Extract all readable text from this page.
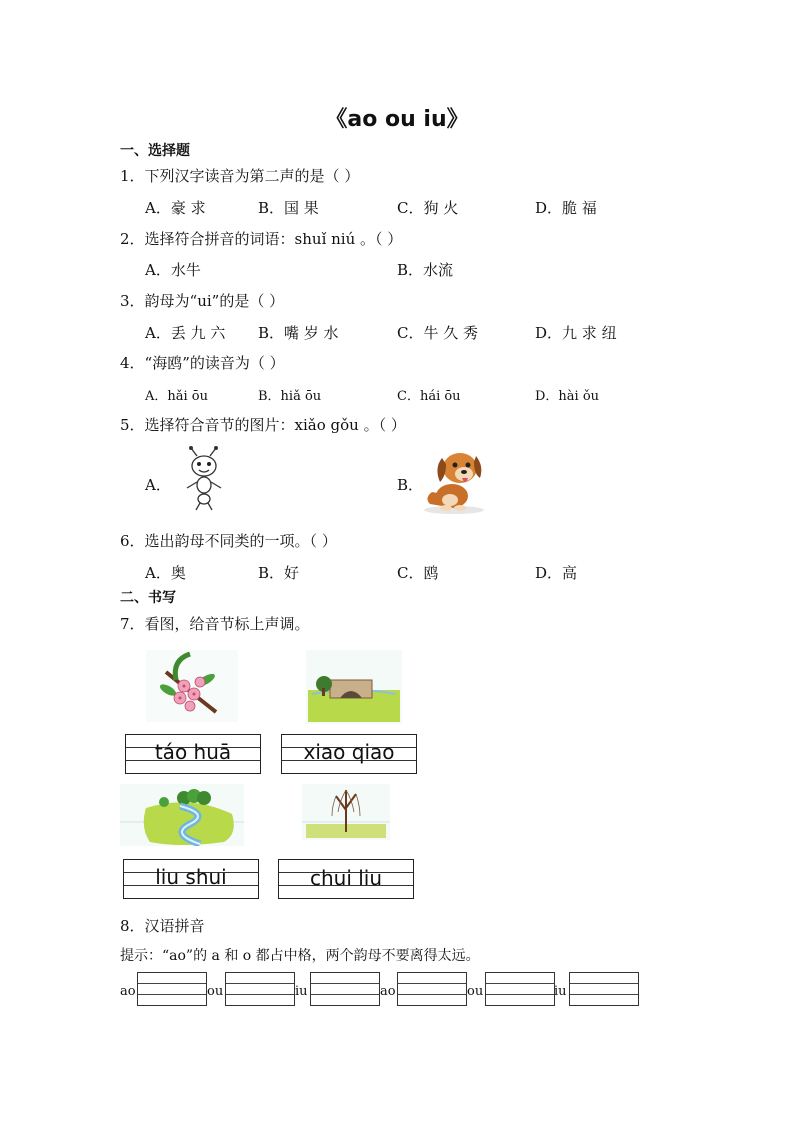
《ao ou iu》
一、选择题
1．下列汉字读音为第二声的是（ ）
A．豪 求	B．国 果	C．狗 火	D．脆 福
2．选择符合拼音的词语：shuǐ niú 。（ ）
A．水牛	B．水流
3．韵母为“ui”的是（ ）
A．丢 九 六 B．嘴 岁 水	C．牛 久 秀	D．九 求 纽
4．“海鸥”的读音为（ ）
A．hǎi ōu	B．hiǎ ōu	C．hái ōu	D．hài ǒu
5．选择符合音节的图片：xiǎo gǒu 。（ ）
A．	B．
6．选出韵母不同类的一项。（ ）
A．奥	B．好	C．鸥	D．高
二、书写
7．看图，给音节标上声调。
táo huā	xiao qiao
liu shui	chui liu
8．汉语拼音
提示：“ao”的 a 和 o 都占中格，两个韵母不要离得太远。
ao	ou	iu	ao	ou	iu
